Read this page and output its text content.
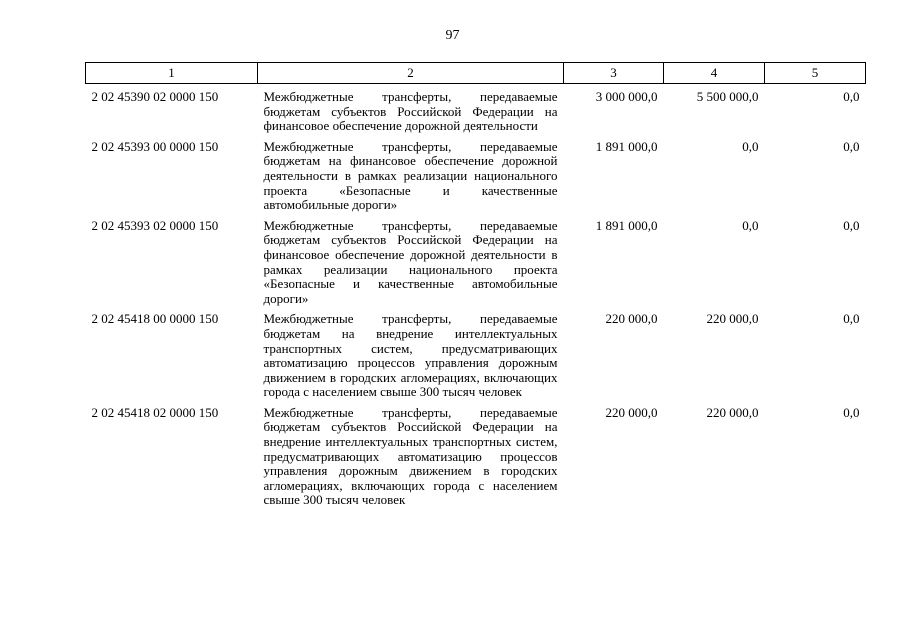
97
1	2	3	4	5
2 02 45390 02 0000 150	Межбюджетные трансферты, передаваемые бюджетам субъектов Российской Федерации на финансовое обеспечение дорожной деятельности	3 000 000,0	5 500 000,0	0,0
2 02 45393 00 0000 150	Межбюджетные трансферты, передаваемые бюджетам на финансовое обеспечение дорожной деятельности в рамках реализации национального проекта «Безопасные и качественные автомобильные дороги»	1 891 000,0	0,0	0,0
2 02 45393 02 0000 150	Межбюджетные трансферты, передаваемые бюджетам субъектов Российской Федерации на финансовое обеспечение дорожной деятельности в рамках реализации национального проекта «Безопасные и качественные автомобильные дороги»	1 891 000,0	0,0	0,0
2 02 45418 00 0000 150	Межбюджетные трансферты, передаваемые бюджетам на внедрение интеллектуальных транспортных систем, предусматривающих автоматизацию процессов управления дорожным движением в городских агломерациях, включающих города с населением свыше 300 тысяч человек	220 000,0	220 000,0	0,0
2 02 45418 02 0000 150	Межбюджетные трансферты, передаваемые бюджетам субъектов Российской Федерации на внедрение интеллектуальных транспортных систем, предусматривающих автоматизацию процессов управления дорожным движением в городских агломерациях, включающих города с населением свыше 300 тысяч человек	220 000,0	220 000,0	0,0
